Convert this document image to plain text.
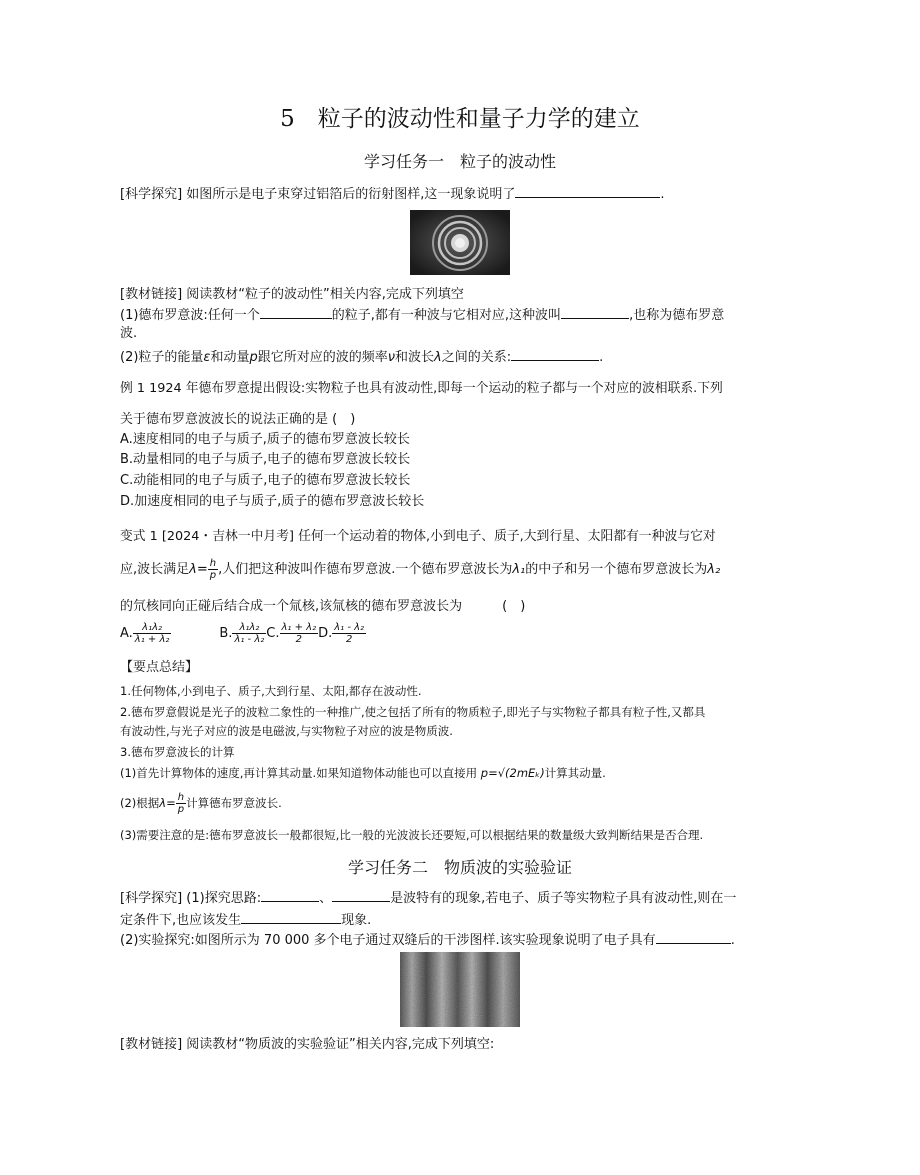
5　粒子的波动性和量子力学的建立
学习任务一　粒子的波动性
[科学探究] 如图所示是电子束穿过铝箔后的衍射图样,这一现象说明了	.
[教材链接] 阅读教材“粒子的波动性”相关内容,完成下列填空
(1)德布罗意波:任何一个	的粒子,都有一种波与它相对应,这种波叫	,也称为德布罗意
波.
(2)粒子的能量ε和动量p跟它所对应的波的频率ν和波长λ之间的关系:	.
例 1 1924 年德布罗意提出假设:实物粒子也具有波动性,即每一个运动的粒子都与一个对应的波相联系.下列
关于德布罗意波波长的说法正确的是 (　)
A.速度相同的电子与质子,质子的德布罗意波长较长
B.动量相同的电子与质子,电子的德布罗意波长较长
C.动能相同的电子与质子,电子的德布罗意波长较长
D.加速度相同的电子与质子,质子的德布罗意波长较长
变式 1 [2024・吉林一中月考] 任何一个运动着的物体,小到电子、质子,大到行星、太阳都有一种波与它对
应,波长满足$\lambda= \frac{h}{p}$ ,人们把这种波叫作德布罗意波.一个德布罗意波长为λ₁的中子和另一个德布罗意波长为λ₂
的氘核同向正碰后结合成一个氚核,该氚核的德布罗意波长为	(　)
A. $\frac{\text{λ₁λ₂}}{\text{λ₁ + λ₂}}$	B. $\frac{\text{λ₁λ₂}}{\text{λ₁ - λ₂}} C$. $\frac{\text{λ₁ + λ₂}}{2} D$. $\frac{\text{λ₁ - λ₂}}{2}$
【要点总结】
1.任何物体,小到电子、质子,大到行星、太阳,都存在波动性.
2.德布罗意假说是光子的波粒二象性的一种推广,使之包括了所有的物质粒子,即光子与实物粒子都具有粒子性,又都具
有波动性,与光子对应的波是电磁波,与实物粒子对应的波是物质波.
3.德布罗意波长的计算
(1)首先计算物体的速度,再计算其动量.如果知道物体动能也可以直接用 p=√(2mEₖ)计算其动量.
(2)根据$\lambda= \frac{h}{p}$ 计算德布罗意波长.
(3)需要注意的是:德布罗意波长一般都很短,比一般的光波波长还要短,可以根据结果的数量级大致判断结果是否合理.
学习任务二　物质波的实验验证
[科学探究] (1)探究思路:	、	是波特有的现象,若电子、质子等实物粒子具有波动性,则在一
定条件下,也应该发生	现象.
(2)实验探究:如图所示为 70 000 多个电子通过双缝后的干涉图样.该实验现象说明了电子具有	.
[教材链接] 阅读教材“物质波的实验验证”相关内容,完成下列填空:
